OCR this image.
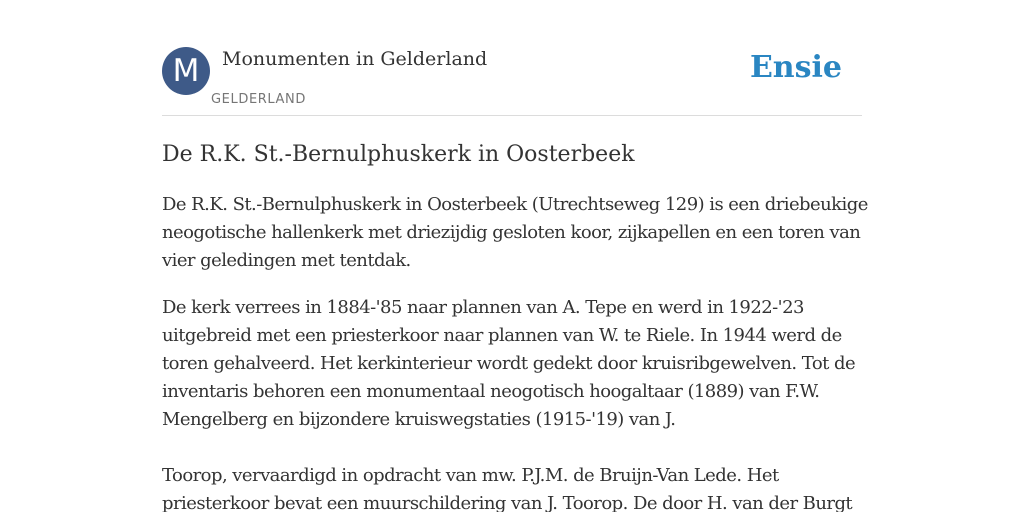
M	Monumenten in Gelderland
GELDERLAND
Ensie
De R.K. St.-Bernulphuskerk in Oosterbeek
De R.K. St.-Bernulphuskerk in Oosterbeek (Utrechtseweg 129) is een driebeukige
neogotische hallenkerk met driezijdig gesloten koor, zijkapellen en een toren van
vier geledingen met tentdak.
De kerk verrees in 1884-'85 naar plannen van A. Tepe en werd in 1922-'23
uitgebreid met een priesterkoor naar plannen van W. te Riele. In 1944 werd de
toren gehalveerd. Het kerkinterieur wordt gedekt door kruisribgewelven. Tot de
inventaris behoren een monumentaal neogotisch hoogaltaar (1889) van F.W.
Mengelberg en bijzondere kruiswegstaties (1915-'19) van J.
Toorop, vervaardigd in opdracht van mw. P.J.M. de Bruijn-Van Lede. Het
priesterkoor bevat een muurschildering van J. Toorop. De door H. van der Burgt
